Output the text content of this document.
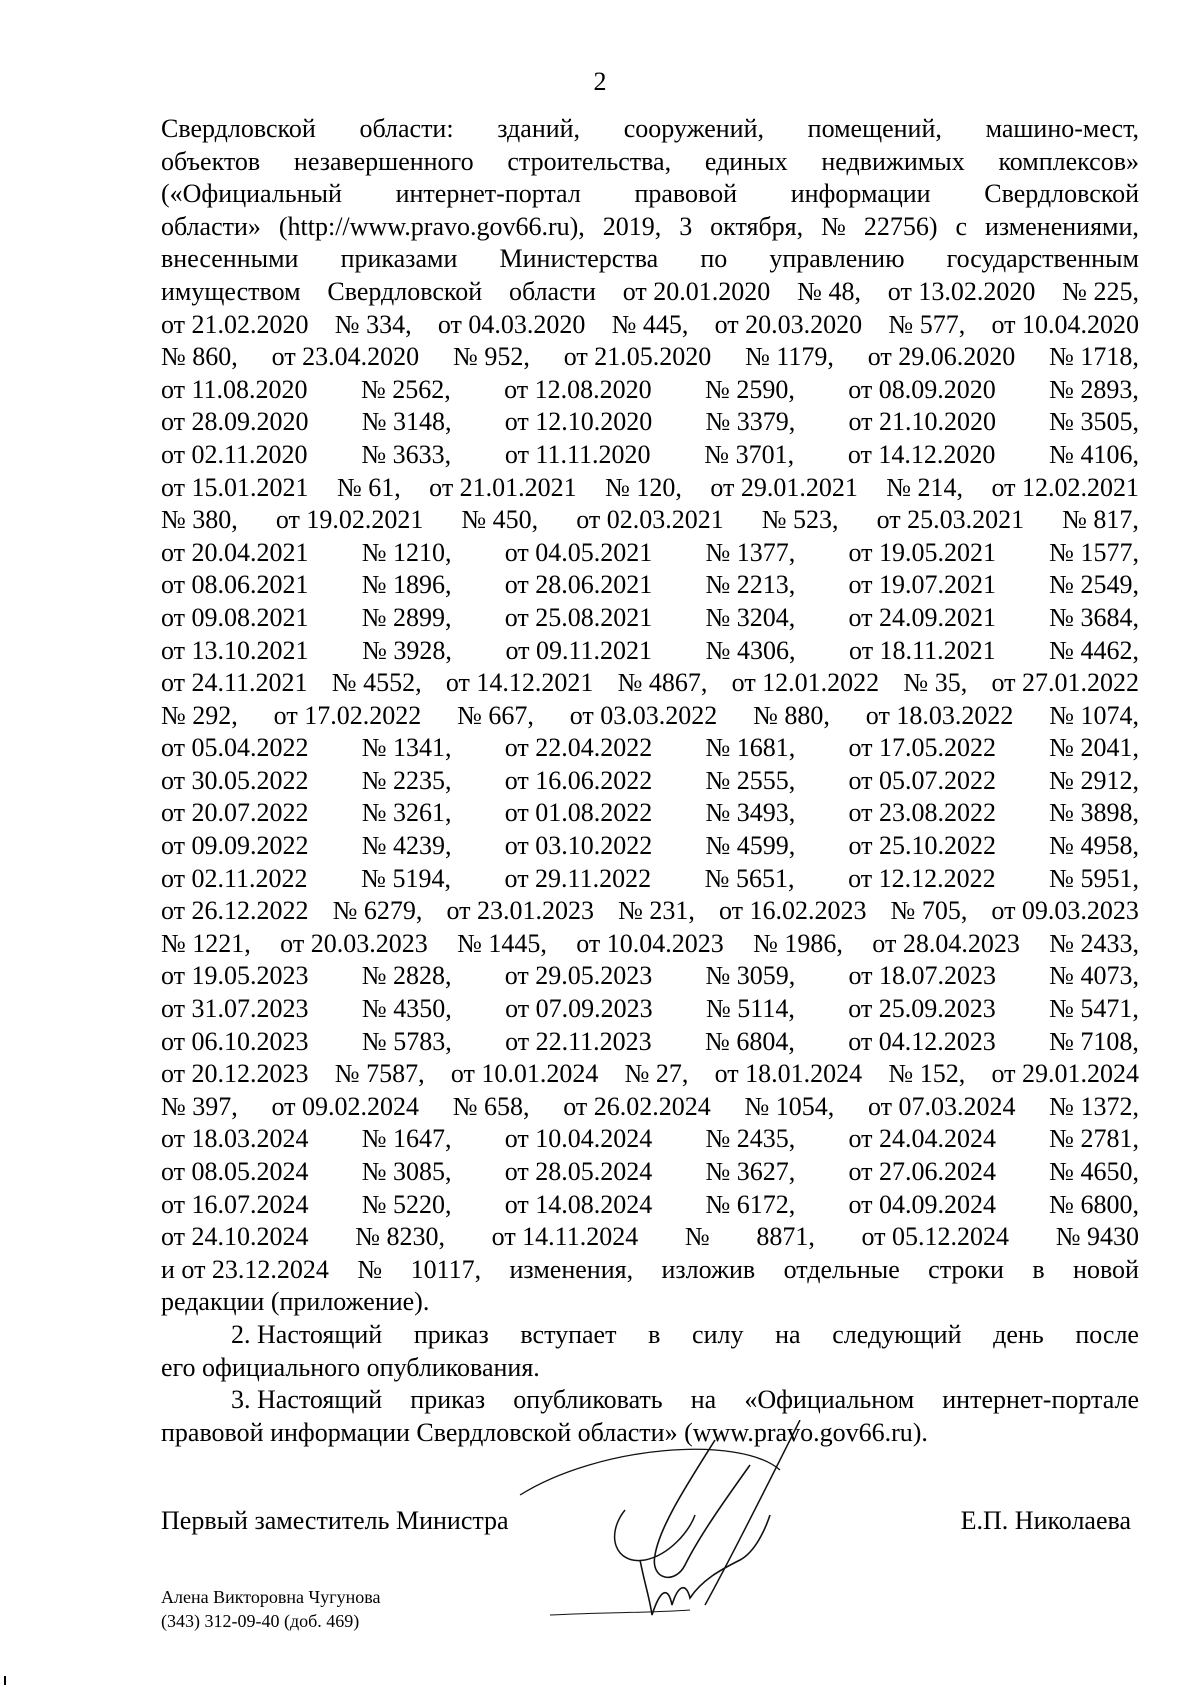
2
Свердловской области: зданий, сооружений, помещений, машино-мест,
объектов незавершенного строительства, единых недвижимых комплексов»
(«Официальный интернет-портал правовой информации Свердловской
области» (http://www.pravo.gov66.ru), 2019, 3 октября, № 22756) с изменениями,
внесенными приказами Министерства по управлению государственным
имуществом Свердловской области от 20.01.2020 № 48, от 13.02.2020 № 225,
от 21.02.2020 № 334, от 04.03.2020 № 445, от 20.03.2020 № 577, от 10.04.2020
№ 860, от 23.04.2020 № 952, от 21.05.2020 № 1179, от 29.06.2020 № 1718,
от 11.08.2020 № 2562, от 12.08.2020 № 2590, от 08.09.2020 № 2893,
от 28.09.2020 № 3148, от 12.10.2020 № 3379, от 21.10.2020 № 3505,
от 02.11.2020 № 3633, от 11.11.2020 № 3701, от 14.12.2020 № 4106,
от 15.01.2021 № 61, от 21.01.2021 № 120, от 29.01.2021 № 214, от 12.02.2021
№ 380, от 19.02.2021 № 450, от 02.03.2021 № 523, от 25.03.2021 № 817,
от 20.04.2021 № 1210, от 04.05.2021 № 1377, от 19.05.2021 № 1577,
от 08.06.2021 № 1896, от 28.06.2021 № 2213, от 19.07.2021 № 2549,
от 09.08.2021 № 2899, от 25.08.2021 № 3204, от 24.09.2021 № 3684,
от 13.10.2021 № 3928, от 09.11.2021 № 4306, от 18.11.2021 № 4462,
от 24.11.2021 № 4552, от 14.12.2021 № 4867, от 12.01.2022 № 35, от 27.01.2022
№ 292, от 17.02.2022 № 667, от 03.03.2022 № 880, от 18.03.2022 № 1074,
от 05.04.2022 № 1341, от 22.04.2022 № 1681, от 17.05.2022 № 2041,
от 30.05.2022 № 2235, от 16.06.2022 № 2555, от 05.07.2022 № 2912,
от 20.07.2022 № 3261, от 01.08.2022 № 3493, от 23.08.2022 № 3898,
от 09.09.2022 № 4239, от 03.10.2022 № 4599, от 25.10.2022 № 4958,
от 02.11.2022 № 5194, от 29.11.2022 № 5651, от 12.12.2022 № 5951,
от 26.12.2022 № 6279, от 23.01.2023 № 231, от 16.02.2023 № 705, от 09.03.2023
№ 1221, от 20.03.2023 № 1445, от 10.04.2023 № 1986, от 28.04.2023 № 2433,
от 19.05.2023 № 2828, от 29.05.2023 № 3059, от 18.07.2023 № 4073,
от 31.07.2023 № 4350, от 07.09.2023 № 5114, от 25.09.2023 № 5471,
от 06.10.2023 № 5783, от 22.11.2023 № 6804, от 04.12.2023 № 7108,
от 20.12.2023 № 7587, от 10.01.2024 № 27, от 18.01.2024 № 152, от 29.01.2024
№ 397, от 09.02.2024 № 658, от 26.02.2024 № 1054, от 07.03.2024 № 1372,
от 18.03.2024 № 1647, от 10.04.2024 № 2435, от 24.04.2024 № 2781,
от 08.05.2024 № 3085, от 28.05.2024 № 3627, от 27.06.2024 № 4650,
от 16.07.2024 № 5220, от 14.08.2024 № 6172, от 04.09.2024 № 6800,
от 24.10.2024 № 8230, от 14.11.2024 № 8871, от 05.12.2024 № 9430
и от 23.12.2024 № 10117, изменения, изложив отдельные строки в новой
редакции (приложение).
2. Настоящий приказ вступает в силу на следующий день после
его официального опубликования.
3. Настоящий приказ опубликовать на «Официальном интернет-портале
правовой информации Свердловской области» (www.pravo.gov66.ru).
Первый заместитель Министра	Е.П. Николаева
Алена Викторовна Чугунова
(343) 312-09-40 (доб. 469)
